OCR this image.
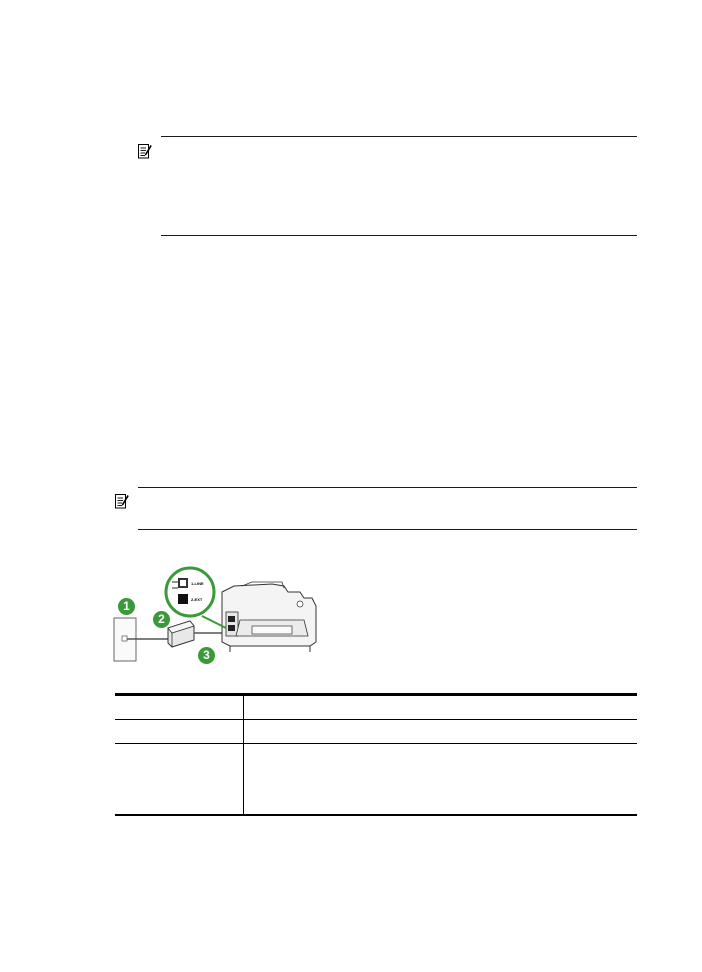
1-LINE
2-EXT
1
2
3
